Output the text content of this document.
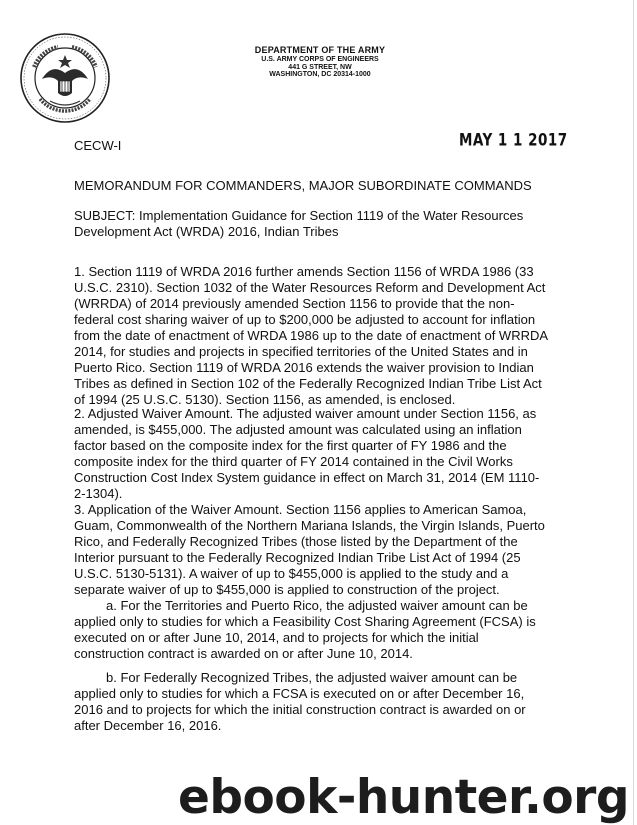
DEPARTMENT OF THE ARMY
U.S. ARMY CORPS OF ENGINEERS
441 G STREET, NW
WASHINGTON, DC 20314-1000
CECW-I	MAY 1 1 2017

MEMORANDUM FOR COMMANDERS, MAJOR SUBORDINATE COMMANDS

SUBJECT: Implementation Guidance for Section 1119 of the Water Resources Development Act (WRDA) 2016, Indian Tribes

1. Section 1119 of WRDA 2016 further amends Section 1156 of WRDA 1986 (33 U.S.C. 2310). Section 1032 of the Water Resources Reform and Development Act (WRRDA) of 2014 previously amended Section 1156 to provide that the non-federal cost sharing waiver of up to $200,000 be adjusted to account for inflation from the date of enactment of WRDA 1986 up to the date of enactment of WRRDA 2014, for studies and projects in specified territories of the United States and in Puerto Rico. Section 1119 of WRDA 2016 extends the waiver provision to Indian Tribes as defined in Section 102 of the Federally Recognized Indian Tribe List Act of 1994 (25 U.S.C. 5130). Section 1156, as amended, is enclosed.

2. Adjusted Waiver Amount. The adjusted waiver amount under Section 1156, as amended, is $455,000. The adjusted amount was calculated using an inflation factor based on the composite index for the first quarter of FY 1986 and the composite index for the third quarter of FY 2014 contained in the Civil Works Construction Cost Index System guidance in effect on March 31, 2014 (EM 1110-2-1304).

3. Application of the Waiver Amount. Section 1156 applies to American Samoa, Guam, Commonwealth of the Northern Mariana Islands, the Virgin Islands, Puerto Rico, and Federally Recognized Tribes (those listed by the Department of the Interior pursuant to the Federally Recognized Indian Tribe List Act of 1994 (25 U.S.C. 5130-5131). A waiver of up to $455,000 is applied to the study and a separate waiver of up to $455,000 is applied to construction of the project.

a. For the Territories and Puerto Rico, the adjusted waiver amount can be applied only to studies for which a Feasibility Cost Sharing Agreement (FCSA) is executed on or after June 10, 2014, and to projects for which the initial construction contract is awarded on or after June 10, 2014.

b. For Federally Recognized Tribes, the adjusted waiver amount can be applied only to studies for which a FCSA is executed on or after December 16, 2016 and to projects for which the initial construction contract is awarded on or after December 16, 2016.

ebook-hunter.org
